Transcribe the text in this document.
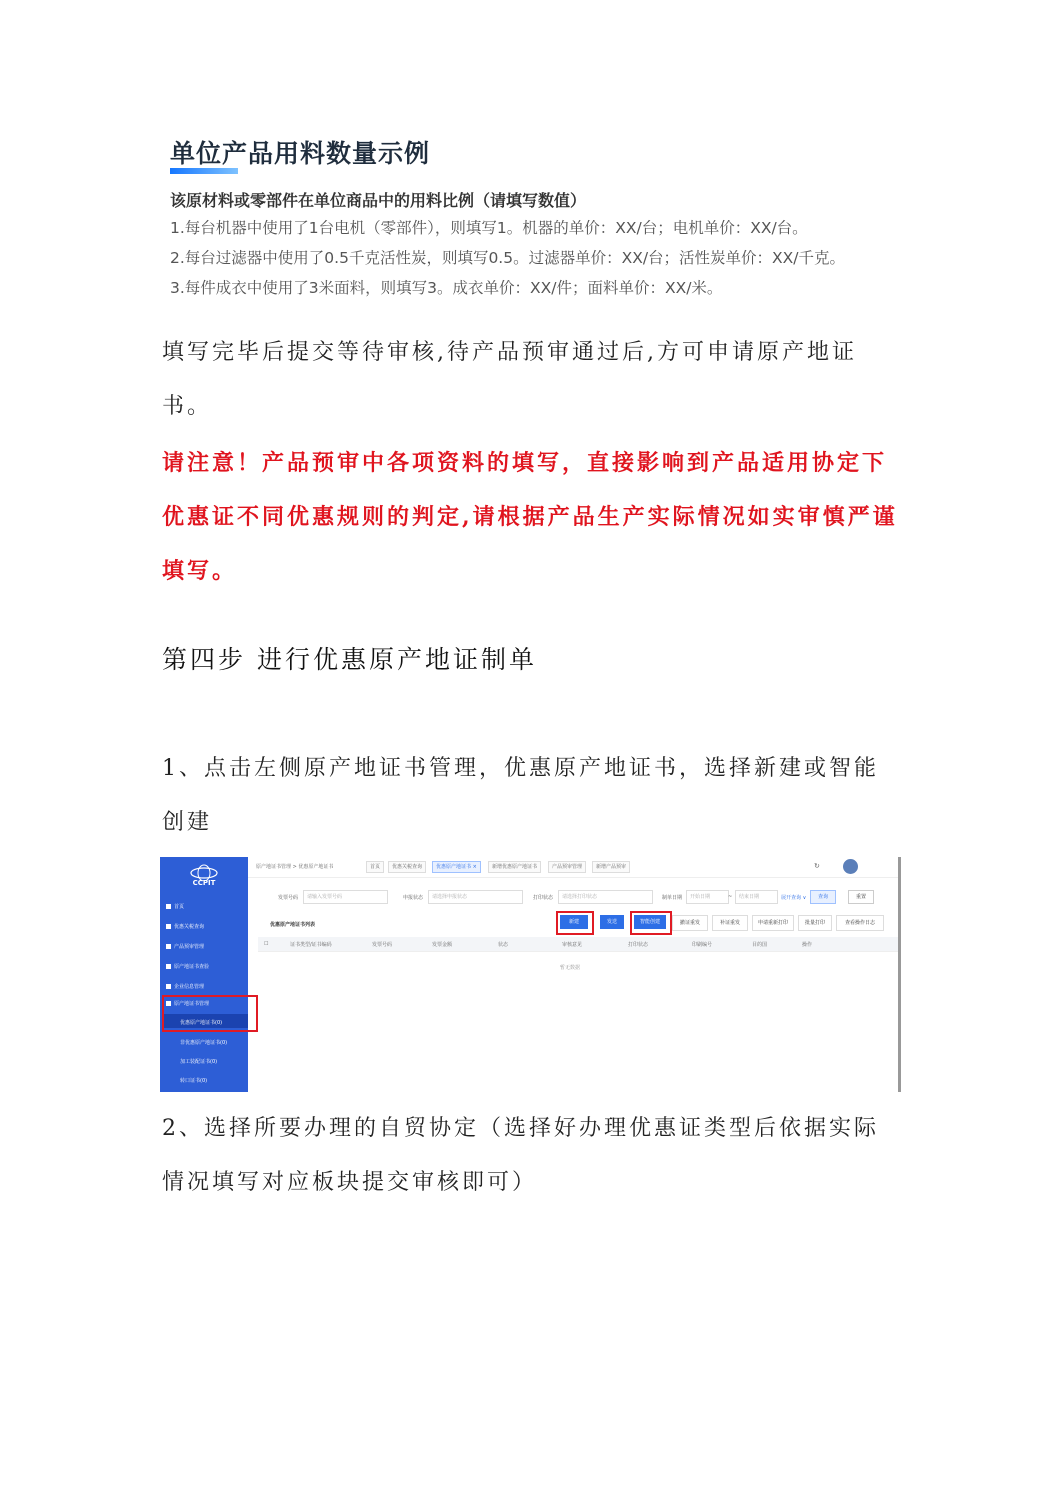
单位产品用料数量示例
该原材料或零部件在单位商品中的用料比例（请填写数值）
1.每台机器中使用了1台电机（零部件），则填写1。机器的单价：XX/台；电机单价：XX/台。
2.每台过滤器中使用了0.5千克活性炭，则填写0.5。过滤器单价：XX/台；活性炭单价：XX/千克。
3.每件成衣中使用了3米面料，则填写3。成衣单价：XX/件；面料单价：XX/米。
填写完毕后提交等待审核,待产品预审通过后,方可申请原产地证书。
请注意！产品预审中各项资料的填写，直接影响到产品适用协定下优惠证不同优惠规则的判定,请根据产品生产实际情况如实审慎严谨填写。
第四步 进行优惠原产地证制单
1、点击左侧原产地证书管理，优惠原产地证书，选择新建或智能创建
CCPIT
首页
优惠关税查询
产品预审管理
原产地证书查验
企业信息管理
原产地证书管理
优惠原产地证书(0)
非优惠原产地证书(0)
加工装配证书(0)
转口证书(0)
原产地证书管理 > 优惠原产地证书	首页	优惠关税查询	优惠原产地证书 ×	新增优惠原产地证书	产品预审管理	新增产品预审	↻
发票号码	请输入发票号码	申报状态	请选择申报状态	打印状态	请选择打印状态	制单日期	开始日期	~	结束日期	展开查询 ∨	查询	重置
优惠原产地证书列表	新建	发送	智能创建	撤证重发	补证重发	申请重新打印	批量打印	查看操作日志
☐	证书类型/证书编码	发票号码	发票金额	状态	审核意见	打印状态	印刷编号	目的国	操作
暂无数据
2、选择所要办理的自贸协定（选择好办理优惠证类型后依据实际情况填写对应板块提交审核即可）
